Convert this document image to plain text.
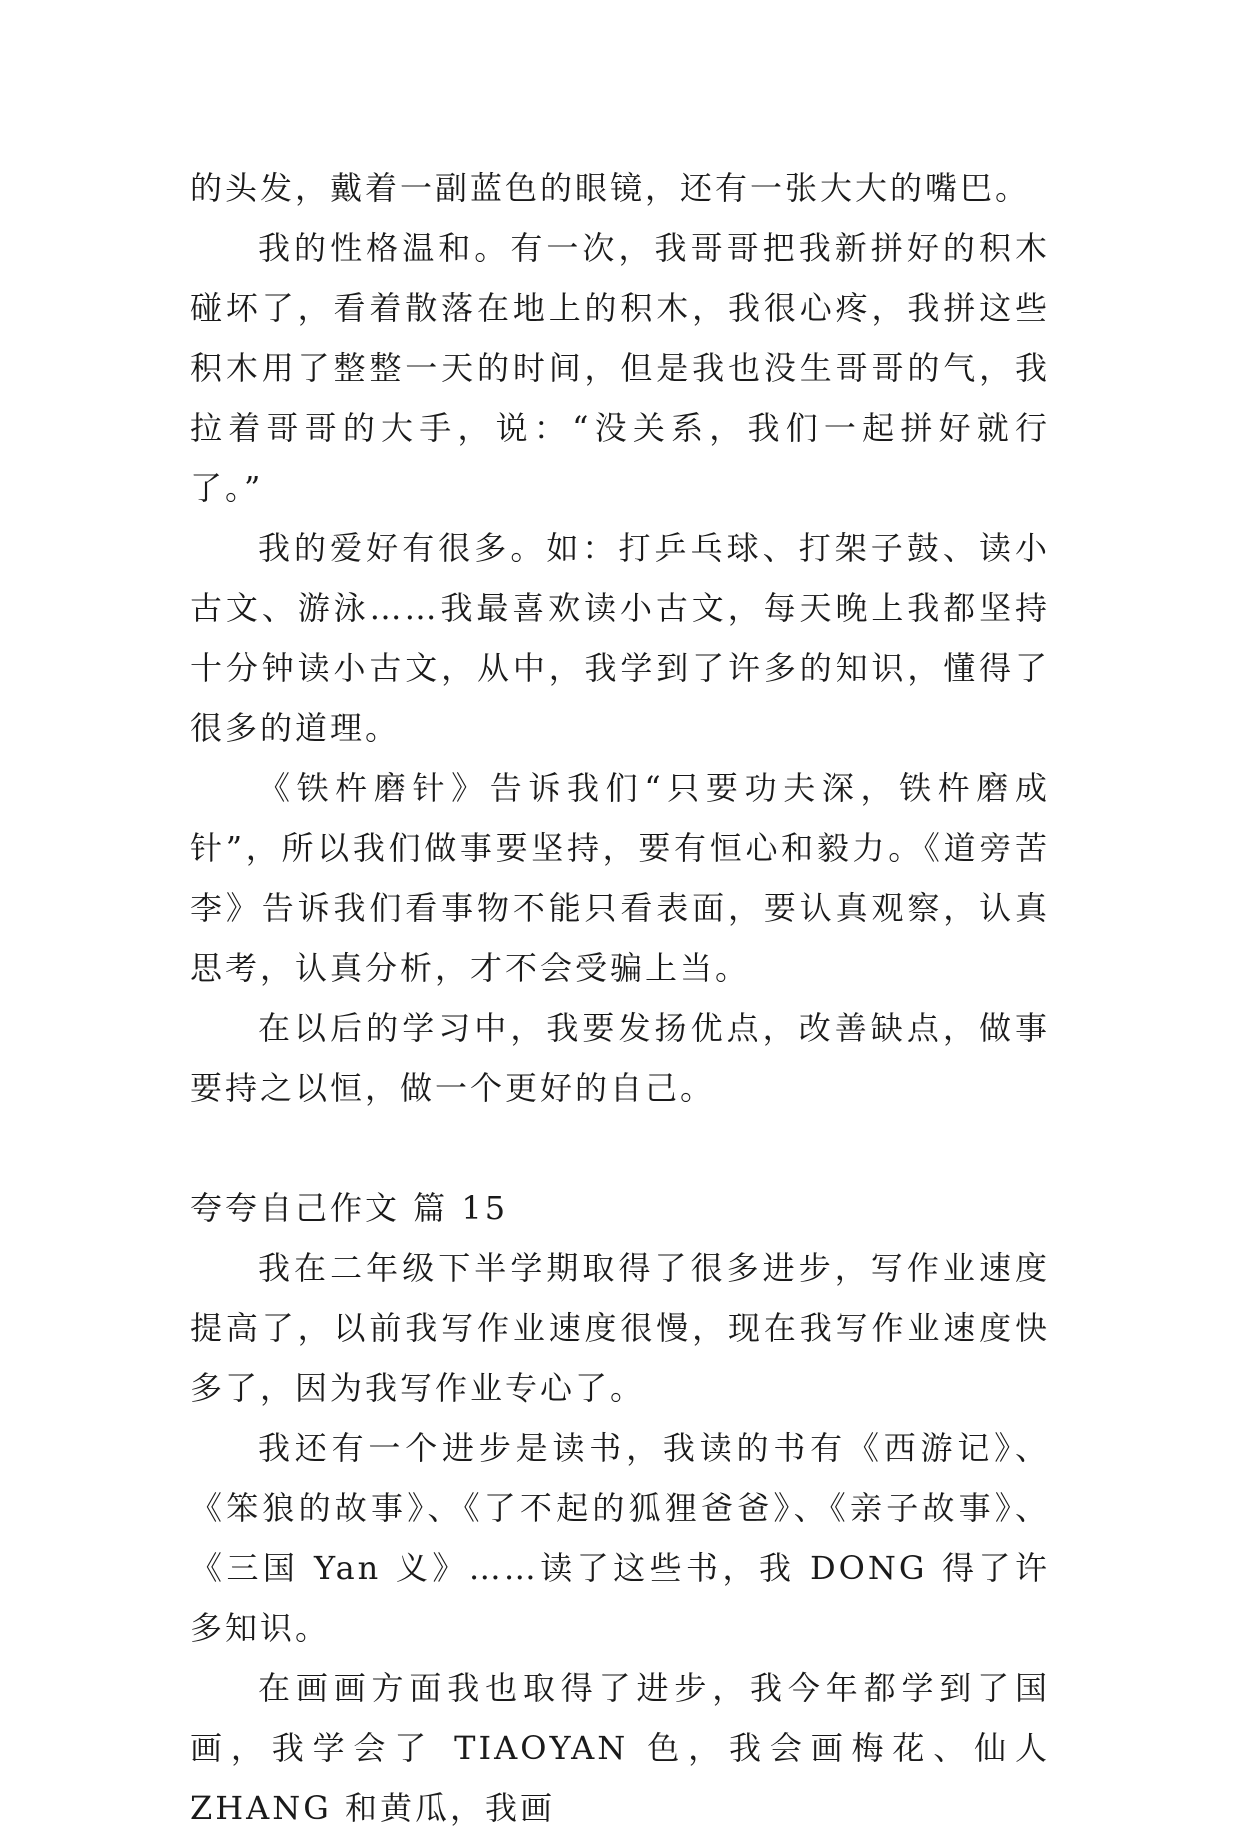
的头发，戴着一副蓝色的眼镜，还有一张大大的嘴巴。

我的性格温和。有一次，我哥哥把我新拼好的积木碰坏了，看着散落在地上的积木，我很心疼，我拼这些积木用了整整一天的时间，但是我也没生哥哥的气，我拉着哥哥的大手，说：“没关系，我们一起拼好就行了。”

我的爱好有很多。如：打乒乓球、打架子鼓、读小古文、游泳……我最喜欢读小古文，每天晚上我都坚持十分钟读小古文，从中，我学到了许多的知识，懂得了很多的道理。

《铁杵磨针》告诉我们“只要功夫深，铁杵磨成针”，所以我们做事要坚持，要有恒心和毅力。《道旁苦李》告诉我们看事物不能只看表面，要认真观察，认真思考，认真分析，才不会受骗上当。

在以后的学习中，我要发扬优点，改善缺点，做事要持之以恒，做一个更好的自己。

夸夸自己作文 篇 15

我在二年级下半学期取得了很多进步，写作业速度提高了，以前我写作业速度很慢，现在我写作业速度快多了，因为我写作业专心了。

我还有一个进步是读书，我读的书有《西游记》、《笨狼的故事》、《了不起的狐狸爸爸》、《亲子故事》、《三国 Yan 义》……读了这些书，我 DONG 得了许多知识。

在画画方面我也取得了进步，我今年都学到了国画，我学会了 TIAOYAN 色，我会画梅花、仙人 ZHANG 和黄瓜，我画
